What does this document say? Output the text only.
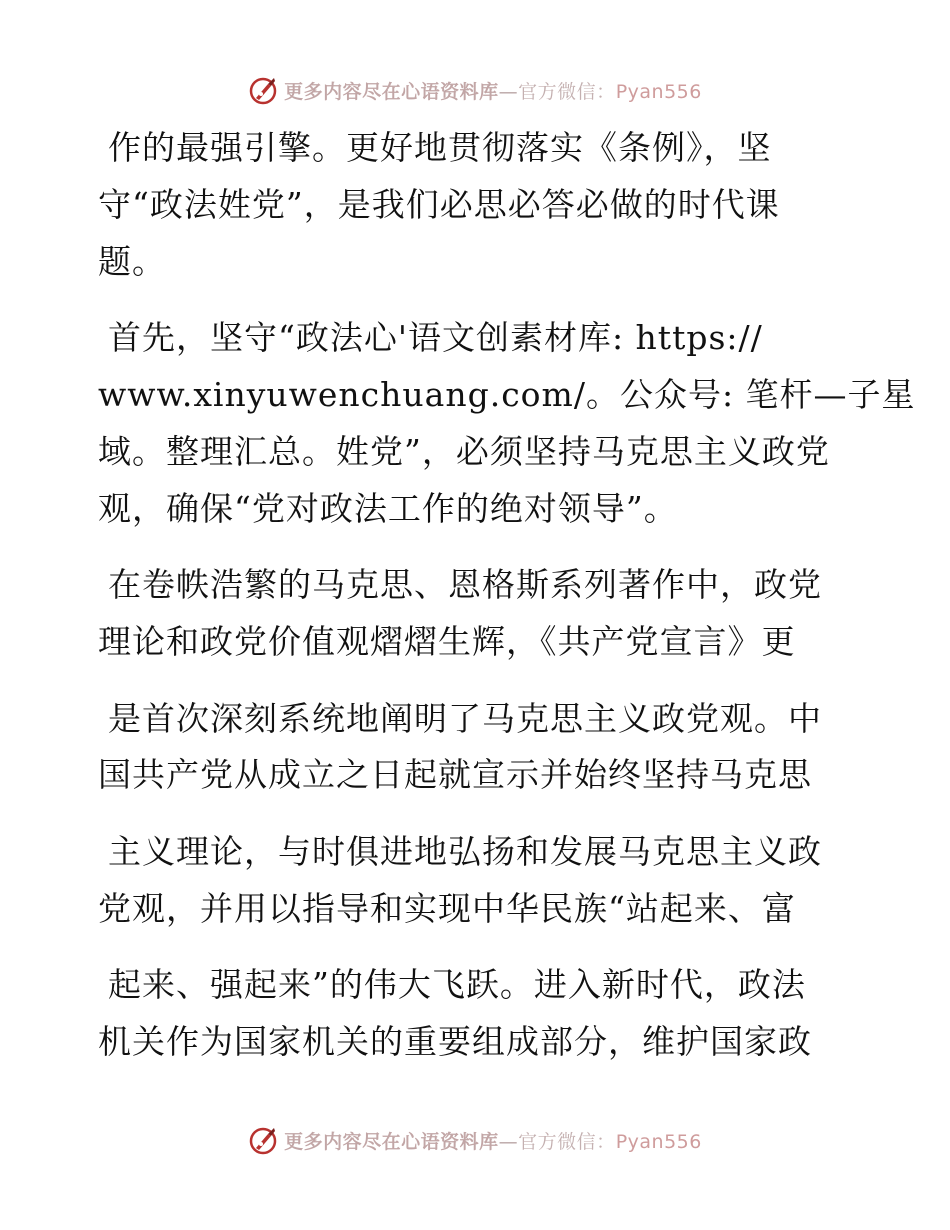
更多内容尽在心语资料库—官方微信：Pyan556
作的最强引擎。更好地贯彻落实《条例》，坚
守“政法姓党”，是我们必思必答必做的时代课
题。
首先，坚守“政法心'语文创素材库: https://
www.xinyuwenchuang.com/。公众号: 笔杆—子星
域。整理汇总。姓党”，必须坚持马克思主义政党
观，确保“党对政法工作的绝对领导”。
在卷帙浩繁的马克思、恩格斯系列著作中，政党
理论和政党价值观熠熠生辉，《共产党宣言》更
是首次深刻系统地阐明了马克思主义政党观。中
国共产党从成立之日起就宣示并始终坚持马克思
主义理论，与时俱进地弘扬和发展马克思主义政
党观，并用以指导和实现中华民族“站起来、富
起来、强起来”的伟大飞跃。进入新时代，政法
机关作为国家机关的重要组成部分，维护国家政
更多内容尽在心语资料库—官方微信：Pyan556
